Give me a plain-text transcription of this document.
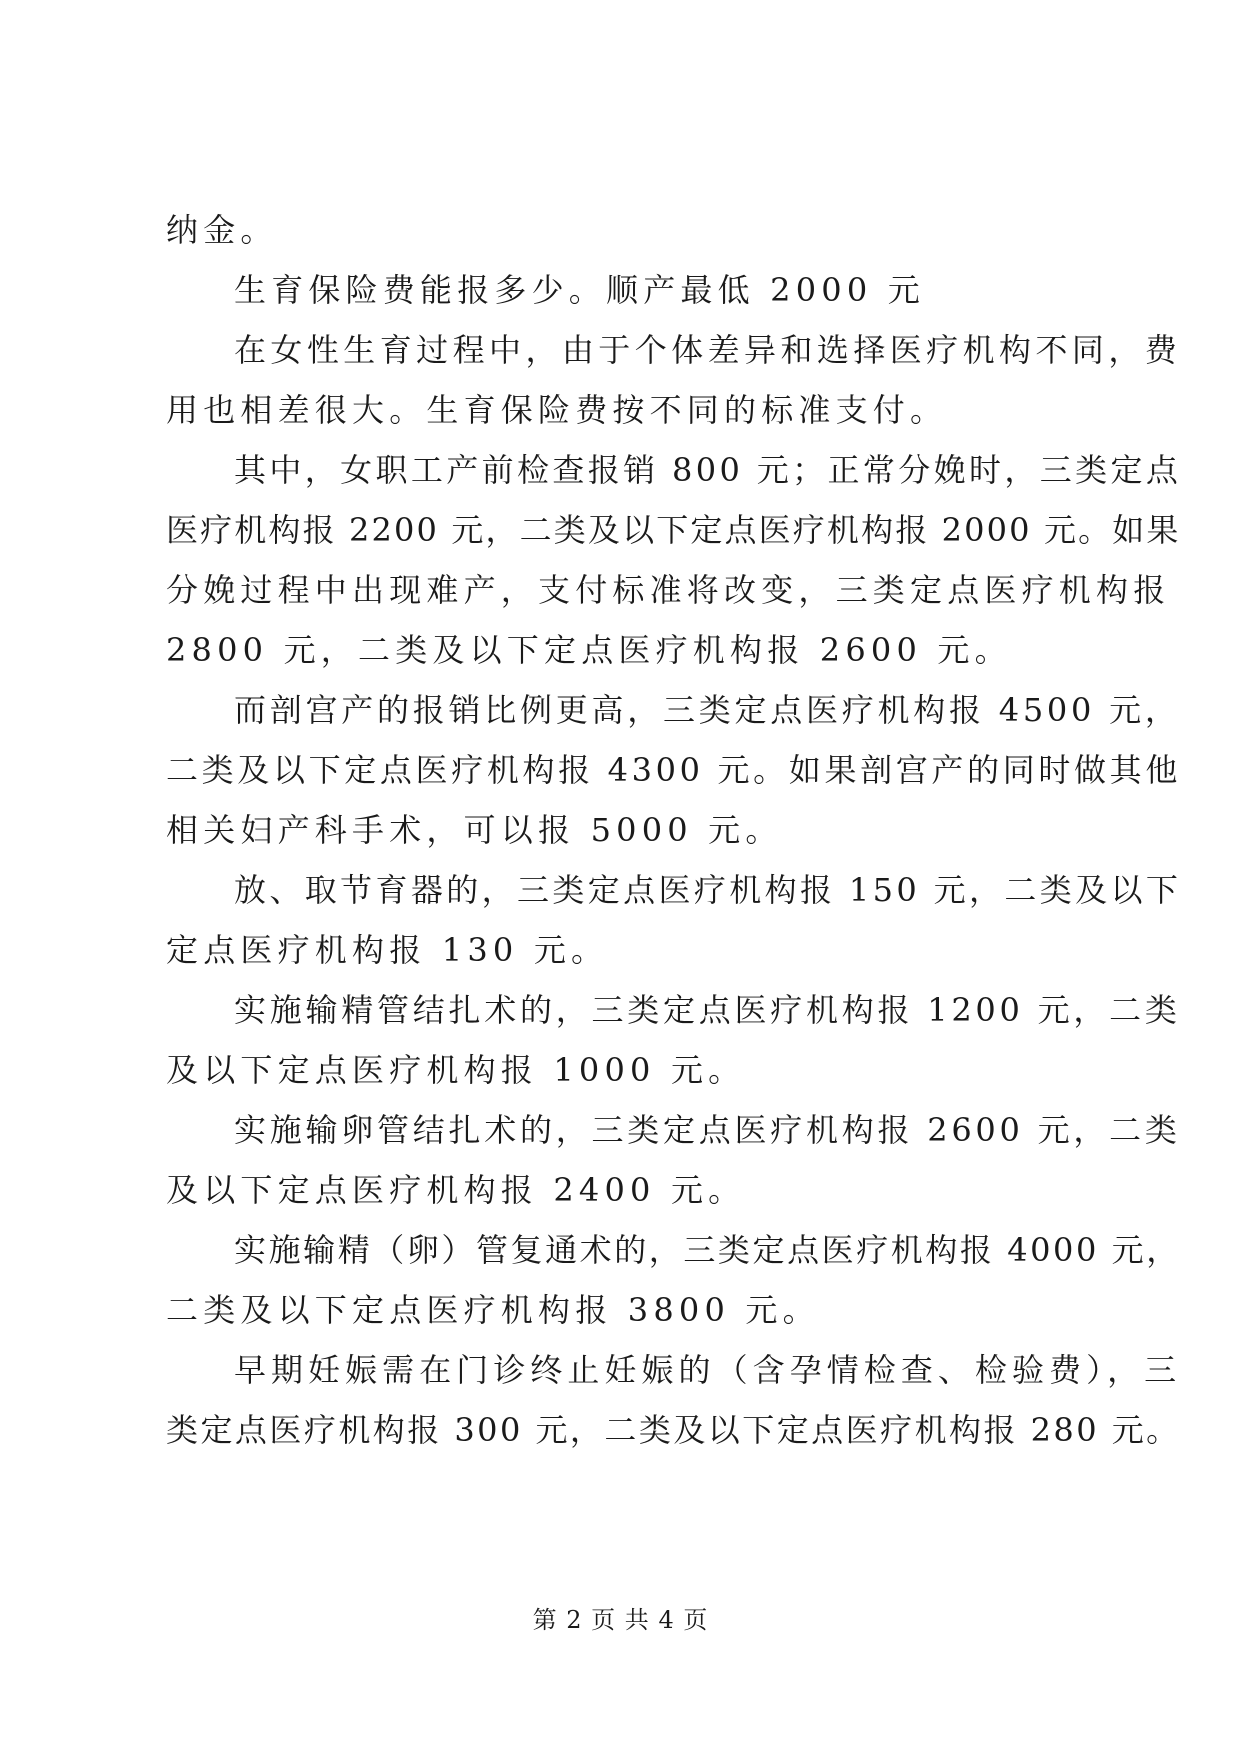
纳金。
生育保险费能报多少。顺产最低 2000 元
在女性生育过程中，由于个体差异和选择医疗机构不同，费
用也相差很大。生育保险费按不同的标准支付。
其中，女职工产前检查报销 800 元；正常分娩时，三类定点
医疗机构报 2200 元，二类及以下定点医疗机构报 2000 元。如果
分娩过程中出现难产，支付标准将改变，三类定点医疗机构报
2800 元，二类及以下定点医疗机构报 2600 元。
而剖宫产的报销比例更高，三类定点医疗机构报 4500 元，
二类及以下定点医疗机构报 4300 元。如果剖宫产的同时做其他
相关妇产科手术，可以报 5000 元。
放、取节育器的，三类定点医疗机构报 150 元，二类及以下
定点医疗机构报 130 元。
实施输精管结扎术的，三类定点医疗机构报 1200 元，二类
及以下定点医疗机构报 1000 元。
实施输卵管结扎术的，三类定点医疗机构报 2600 元，二类
及以下定点医疗机构报 2400 元。
实施输精（卵）管复通术的，三类定点医疗机构报 4000 元，
二类及以下定点医疗机构报 3800 元。
早期妊娠需在门诊终止妊娠的（含孕情检查、检验费），三
类定点医疗机构报 300 元，二类及以下定点医疗机构报 280 元。
第 2 页 共 4 页
